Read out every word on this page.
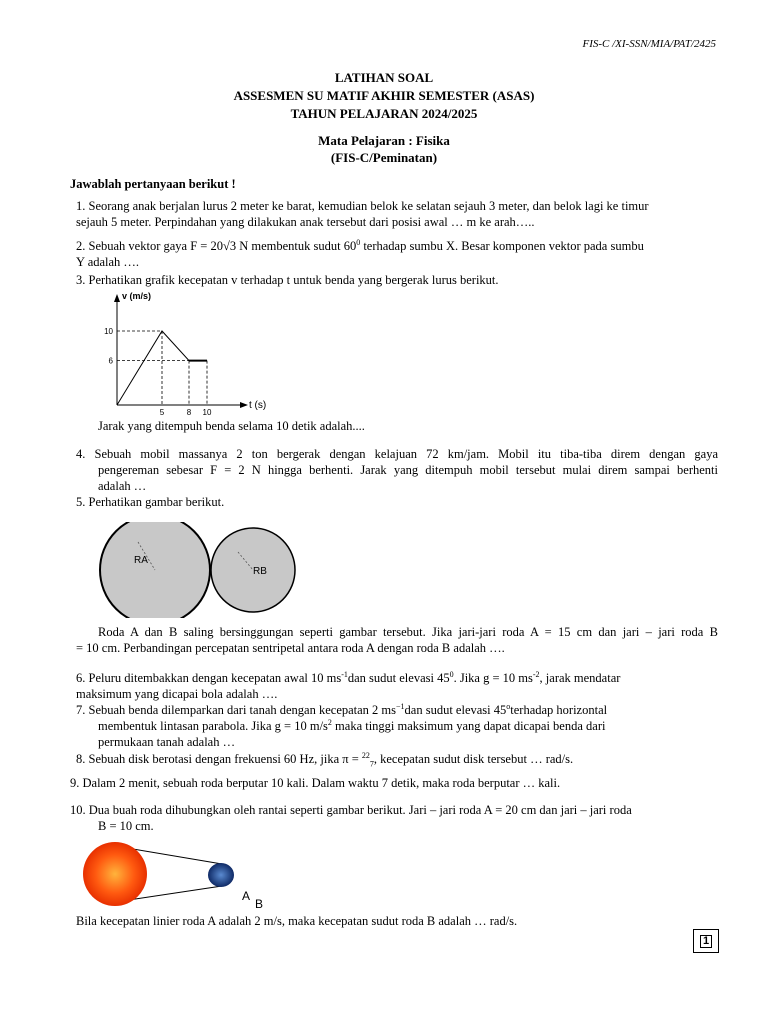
FIS-C /XI-SSN/MIA/PAT/2425
LATIHAN SOAL
ASSESMEN SU MATIF AKHIR SEMESTER (ASAS)
TAHUN PELAJARAN 2024/2025
Mata Pelajaran : Fisika
(FIS-C/Peminatan)
Jawablah pertanyaan berikut !
1. Seorang anak berjalan lurus 2 meter ke barat, kemudian belok ke selatan sejauh 3 meter, dan belok lagi ke timur
sejauh 5 meter. Perpindahan yang dilakukan anak tersebut dari posisi awal … m ke arah…..
2. Sebuah vektor gaya F = 20√3 N membentuk sudut $60^0$ terhadap sumbu X. Besar komponen vektor pada sumbu
Y adalah ….
3. Perhatikan grafik kecepatan v terhadap t untuk benda yang bergerak lurus berikut.
v (m/s)
t (s)
10
6
5	8 10
Jarak yang ditempuh benda selama 10 detik adalah....
4. Sebuah mobil massanya 2 ton bergerak dengan kelajuan 72 km/jam. Mobil itu tiba-tiba direm dengan gaya
pengereman sebesar F = 2 N hingga berhenti. Jarak yang ditempuh mobil tersebut mulai direm sampai berhenti
adalah …
5. Perhatikan gambar berikut.
RA
RB
Roda A dan B saling bersinggungan seperti gambar tersebut. Jika jari-jari roda A = 15 cm dan jari – jari roda B
= 10 cm. Perbandingan percepatan sentripetal antara roda A dengan roda B adalah ….
6. Peluru ditembakkan dengan kecepatan awal 10 $ms^{-1}dan$ sudut elevasi $45^0$. Jika g = 10 $ms^{-2}$, jarak mendatar
maksimum yang dicapai bola adalah ….
7. Sebuah benda dilemparkan dari tanah dengan kecepatan 2 $ms^{-1}dan$ sudut elevasi 45$^o$terhadap horizontal
membentuk lintasan parabola. Jika g = 10 $m/s^2$ maka tinggi maksimum yang dapat dicapai benda dari
permukaan tanah adalah …
8. Sebuah disk berotasi dengan frekuensi 60 Hz, jika π = $^{22}_7$, kecepatan sudut disk tersebut … rad/s.
9. Dalam 2 menit, sebuah roda berputar 10 kali. Dalam waktu 7 detik, maka roda berputar … kali.
10. Dua buah roda dihubungkan oleh rantai seperti gambar berikut. Jari – jari roda A = 20 cm dan jari – jari roda
B = 10 cm.
A
B
Bila kecepatan linier roda A adalah 2 m/s, maka kecepatan sudut roda B adalah … rad/s.
1
